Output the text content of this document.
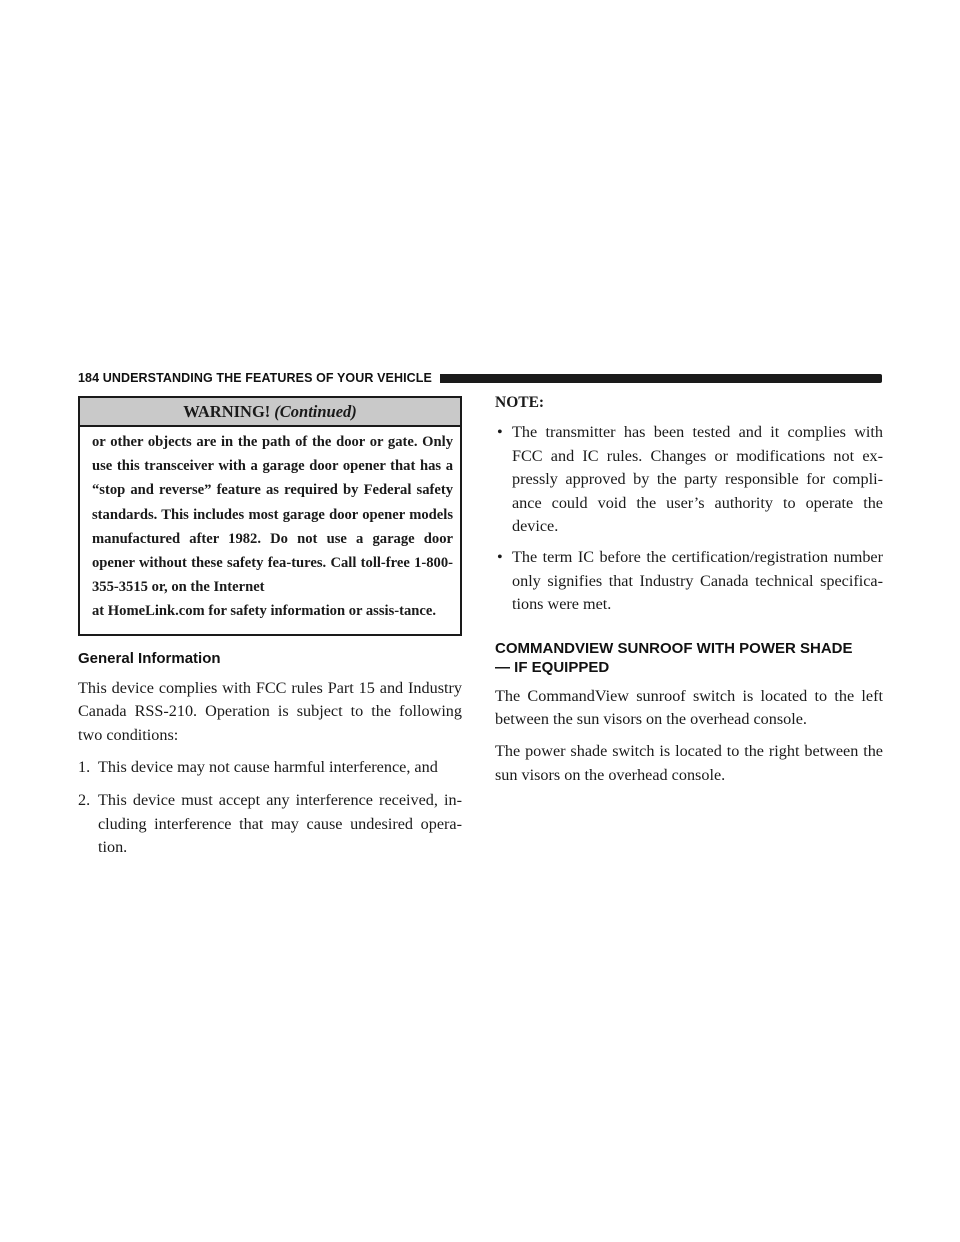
184 UNDERSTANDING THE FEATURES OF YOUR VEHICLE
WARNING! (Continued)
or other objects are in the path of the door or gate. Only use this transceiver with a garage door opener that has a “stop and reverse” feature as required by Federal safety standards. This includes most garage door opener models manufactured after 1982. Do not use a garage door opener without these safety fea-tures. Call toll-free 1-800-355-3515 or, on the Internet
at HomeLink.com for safety information or assis-tance.
General Information

This device complies with FCC rules Part 15 and Industry Canada RSS-210. Operation is subject to the following two conditions:

1. This device may not cause harmful interference, and
2. This device must accept any interference received, in-cluding interference that may cause undesired opera-tion.
NOTE:
• The transmitter has been tested and it complies with FCC and IC rules. Changes or modifications not ex-pressly approved by the party responsible for compli-ance could void the user’s authority to operate the device.
• The term IC before the certification/registration number only signifies that Industry Canada technical specifica-tions were met.
COMMANDVIEW SUNROOF WITH POWER SHADE
— IF EQUIPPED

The CommandView sunroof switch is located to the left between the sun visors on the overhead console.

The power shade switch is located to the right between the sun visors on the overhead console.
